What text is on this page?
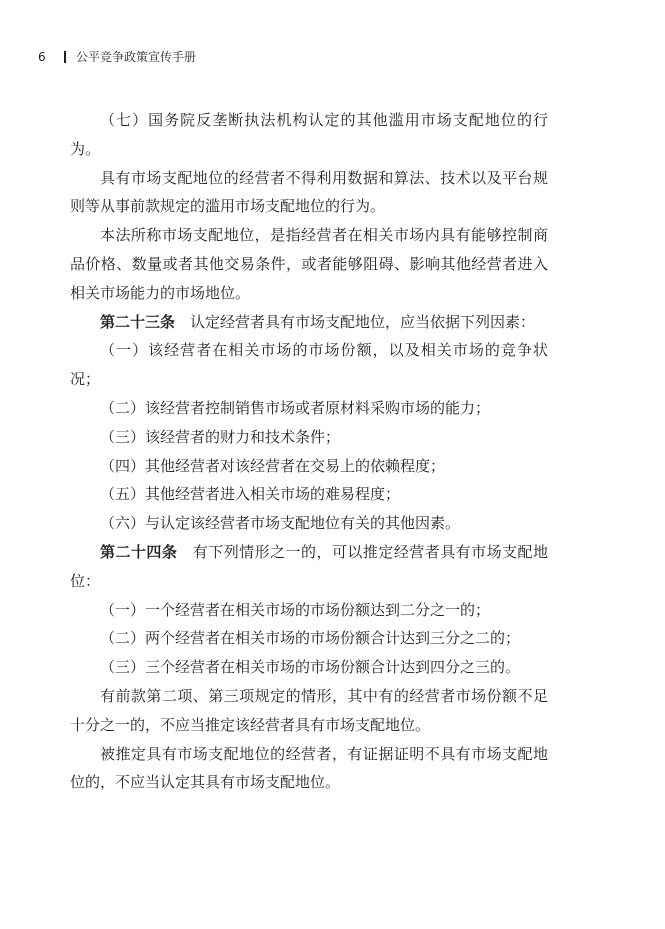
6	公平竞争政策宣传手册

（七）国务院反垄断执法机构认定的其他滥用市场支配地位的行为。

具有市场支配地位的经营者不得利用数据和算法、技术以及平台规则等从事前款规定的滥用市场支配地位的行为。

本法所称市场支配地位，是指经营者在相关市场内具有能够控制商品价格、数量或者其他交易条件，或者能够阻碍、影响其他经营者进入相关市场能力的市场地位。

第二十三条　认定经营者具有市场支配地位，应当依据下列因素：

（一）该经营者在相关市场的市场份额，以及相关市场的竞争状况；

（二）该经营者控制销售市场或者原材料采购市场的能力；

（三）该经营者的财力和技术条件；

（四）其他经营者对该经营者在交易上的依赖程度；

（五）其他经营者进入相关市场的难易程度；

（六）与认定该经营者市场支配地位有关的其他因素。

第二十四条　有下列情形之一的，可以推定经营者具有市场支配地位：

（一）一个经营者在相关市场的市场份额达到二分之一的；

（二）两个经营者在相关市场的市场份额合计达到三分之二的；

（三）三个经营者在相关市场的市场份额合计达到四分之三的。

有前款第二项、第三项规定的情形，其中有的经营者市场份额不足十分之一的，不应当推定该经营者具有市场支配地位。

被推定具有市场支配地位的经营者，有证据证明不具有市场支配地位的，不应当认定其具有市场支配地位。
